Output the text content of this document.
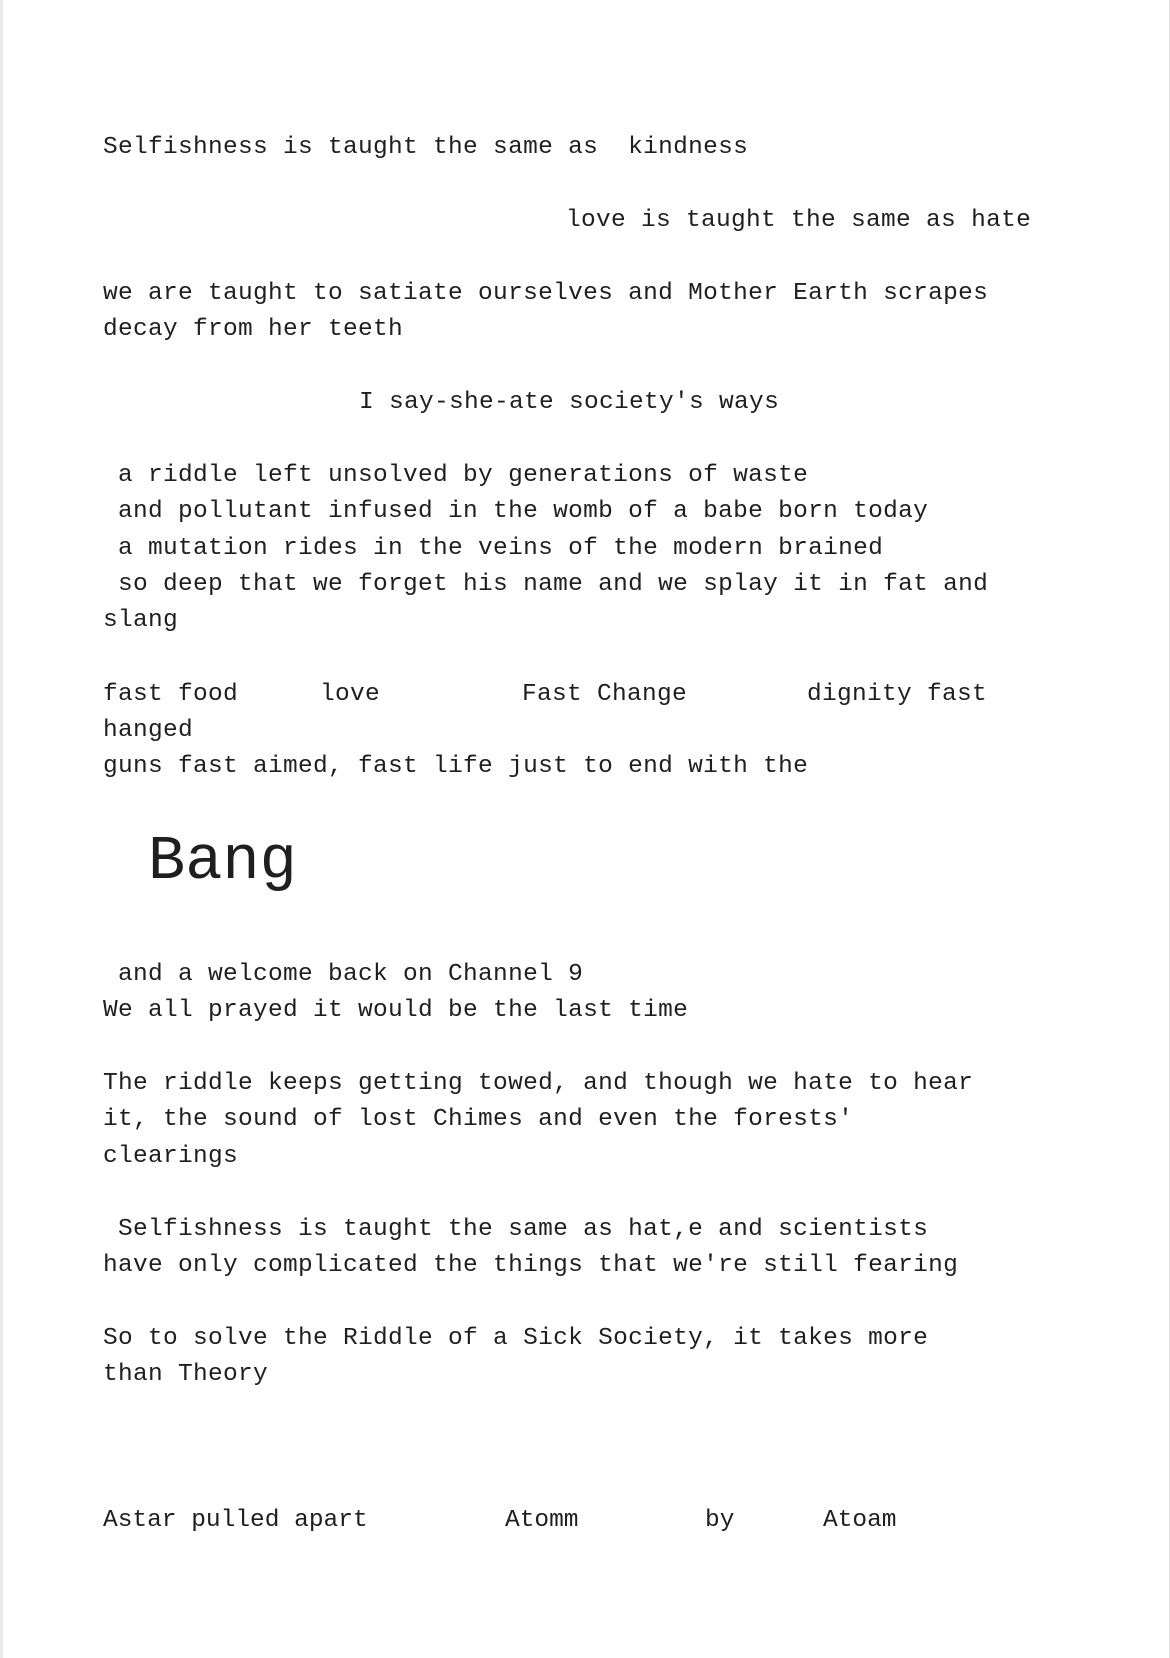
Selfishness is taught the same as  kindness
love is taught the same as hate
we are taught to satiate ourselves and Mother Earth scrapes
decay from her teeth
I say-she-ate society's ways
a riddle left unsolved by generations of waste
and pollutant infused in the womb of a babe born today
a mutation rides in the veins of the modern brained
so deep that we forget his name and we splay it in fat and
slang
fast food	love	Fast Change	dignity fast
hanged
guns fast aimed, fast life just to end with the
Bang
and a welcome back on Channel 9
We all prayed it would be the last time
The riddle keeps getting towed, and though we hate to hear
it, the sound of lost Chimes and even the forests'
clearings
Selfishness is taught the same as hat,e and scientists
have only complicated the things that we're still fearing
So to solve the Riddle of a Sick Society, it takes more
than Theory
Astar pulled apart	Atomm	by	Atoam
